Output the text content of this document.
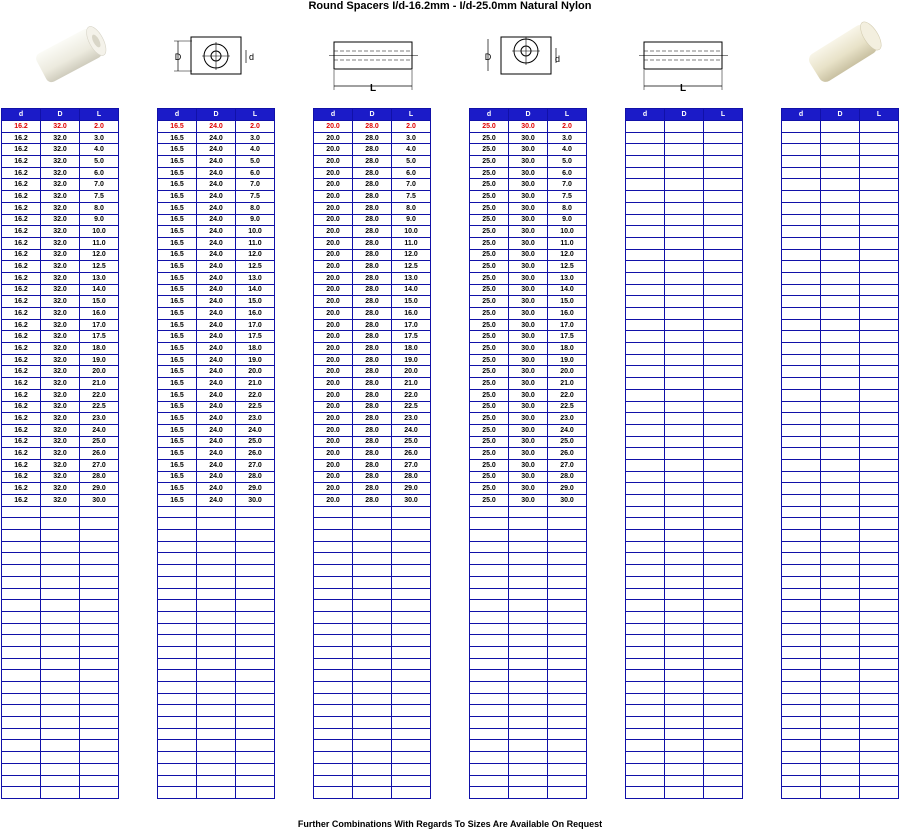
Round Spacers I/d-16.2mm - I/d-25.0mm Natural Nylon
D	d
L
D	d
L
d	D	L
16.2	32.0	2.0
16.2	32.0	3.0
16.2	32.0	4.0
16.2	32.0	5.0
16.2	32.0	6.0
16.2	32.0	7.0
16.2	32.0	7.5
16.2	32.0	8.0
16.2	32.0	9.0
16.2	32.0	10.0
16.2	32.0	11.0
16.2	32.0	12.0
16.2	32.0	12.5
16.2	32.0	13.0
16.2	32.0	14.0
16.2	32.0	15.0
16.2	32.0	16.0
16.2	32.0	17.0
16.2	32.0	17.5
16.2	32.0	18.0
16.2	32.0	19.0
16.2	32.0	20.0
16.2	32.0	21.0
16.2	32.0	22.0
16.2	32.0	22.5
16.2	32.0	23.0
16.2	32.0	24.0
16.2	32.0	25.0
16.2	32.0	26.0
16.2	32.0	27.0
16.2	32.0	28.0
16.2	32.0	29.0
16.2	32.0	30.0

d	D	L
16.5	24.0	2.0
16.5	24.0	3.0
16.5	24.0	4.0
16.5	24.0	5.0
16.5	24.0	6.0
16.5	24.0	7.0
16.5	24.0	7.5
16.5	24.0	8.0
16.5	24.0	9.0
16.5	24.0	10.0
16.5	24.0	11.0
16.5	24.0	12.0
16.5	24.0	12.5
16.5	24.0	13.0
16.5	24.0	14.0
16.5	24.0	15.0
16.5	24.0	16.0
16.5	24.0	17.0
16.5	24.0	17.5
16.5	24.0	18.0
16.5	24.0	19.0
16.5	24.0	20.0
16.5	24.0	21.0
16.5	24.0	22.0
16.5	24.0	22.5
16.5	24.0	23.0
16.5	24.0	24.0
16.5	24.0	25.0
16.5	24.0	26.0
16.5	24.0	27.0
16.5	24.0	28.0
16.5	24.0	29.0
16.5	24.0	30.0

d	D	L
20.0	28.0	2.0
20.0	28.0	3.0
20.0	28.0	4.0
20.0	28.0	5.0
20.0	28.0	6.0
20.0	28.0	7.0
20.0	28.0	7.5
20.0	28.0	8.0
20.0	28.0	9.0
20.0	28.0	10.0
20.0	28.0	11.0
20.0	28.0	12.0
20.0	28.0	12.5
20.0	28.0	13.0
20.0	28.0	14.0
20.0	28.0	15.0
20.0	28.0	16.0
20.0	28.0	17.0
20.0	28.0	17.5
20.0	28.0	18.0
20.0	28.0	19.0
20.0	28.0	20.0
20.0	28.0	21.0
20.0	28.0	22.0
20.0	28.0	22.5
20.0	28.0	23.0
20.0	28.0	24.0
20.0	28.0	25.0
20.0	28.0	26.0
20.0	28.0	27.0
20.0	28.0	28.0
20.0	28.0	29.0
20.0	28.0	30.0

d	D	L
25.0	30.0	2.0
25.0	30.0	3.0
25.0	30.0	4.0
25.0	30.0	5.0
25.0	30.0	6.0
25.0	30.0	7.0
25.0	30.0	7.5
25.0	30.0	8.0
25.0	30.0	9.0
25.0	30.0	10.0
25.0	30.0	11.0
25.0	30.0	12.0
25.0	30.0	12.5
25.0	30.0	13.0
25.0	30.0	14.0
25.0	30.0	15.0
25.0	30.0	16.0
25.0	30.0	17.0
25.0	30.0	17.5
25.0	30.0	18.0
25.0	30.0	19.0
25.0	30.0	20.0
25.0	30.0	21.0
25.0	30.0	22.0
25.0	30.0	22.5
25.0	30.0	23.0
25.0	30.0	24.0
25.0	30.0	25.0
25.0	30.0	26.0
25.0	30.0	27.0
25.0	30.0	28.0
25.0	30.0	29.0
25.0	30.0	30.0

d	D	L

			d	D	L

Further Combinations With Regards To Sizes Are Available On Request
